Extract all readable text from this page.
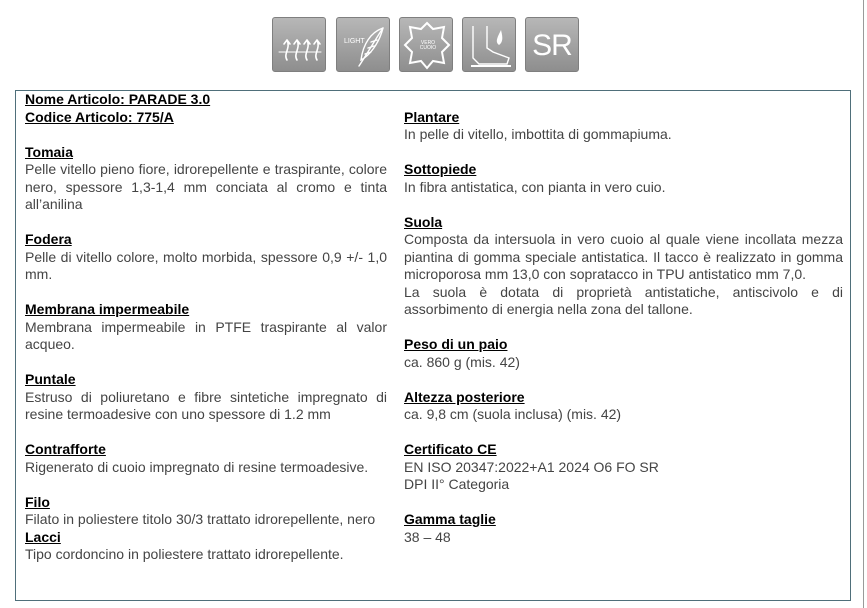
LIGHT	VERO CUOIO	SR

Nome Articolo: PARADE 3.0

Codice Articolo: 775/A

Tomaia

Pelle vitello pieno fiore, idrorepellente e traspirante, colore nero, spessore 1,3-1,4 mm conciata al cromo e tinta all’anilina

Fodera

Pelle di vitello colore, molto morbida, spessore 0,9 +/- 1,0 mm.

Membrana impermeabile

Membrana impermeabile in PTFE traspirante al valor acqueo.

Puntale

Estruso di poliuretano e fibre sintetiche impregnato di resine termoadesive con uno spessore di 1.2 mm

Contrafforte

Rigenerato di cuoio impregnato di resine termoadesive.

Filo

Filato in poliestere titolo 30/3 trattato idrorepellente, nero

Lacci

Tipo cordoncino in poliestere trattato idrorepellente.

Plantare

In pelle di vitello, imbottita di gommapiuma.

Sottopiede

In fibra antistatica, con pianta in vero cuio.

Suola

Composta da intersuola in vero cuoio al quale viene incollata mezza piantina di gomma speciale antistatica. Il tacco è realizzato in gomma microporosa mm 13,0 con sopratacco in TPU antistatico mm 7,0.

La suola è dotata di proprietà antistatiche, antiscivolo e di assorbimento di energia nella zona del tallone.

Peso di un paio

ca. 860 g (mis. 42)

Altezza posteriore

ca. 9,8 cm (suola inclusa) (mis. 42)

Certificato CE

EN ISO 20347:2022+A1 2024 O6 FO SR

DPI II° Categoria

Gamma taglie

38 – 48
